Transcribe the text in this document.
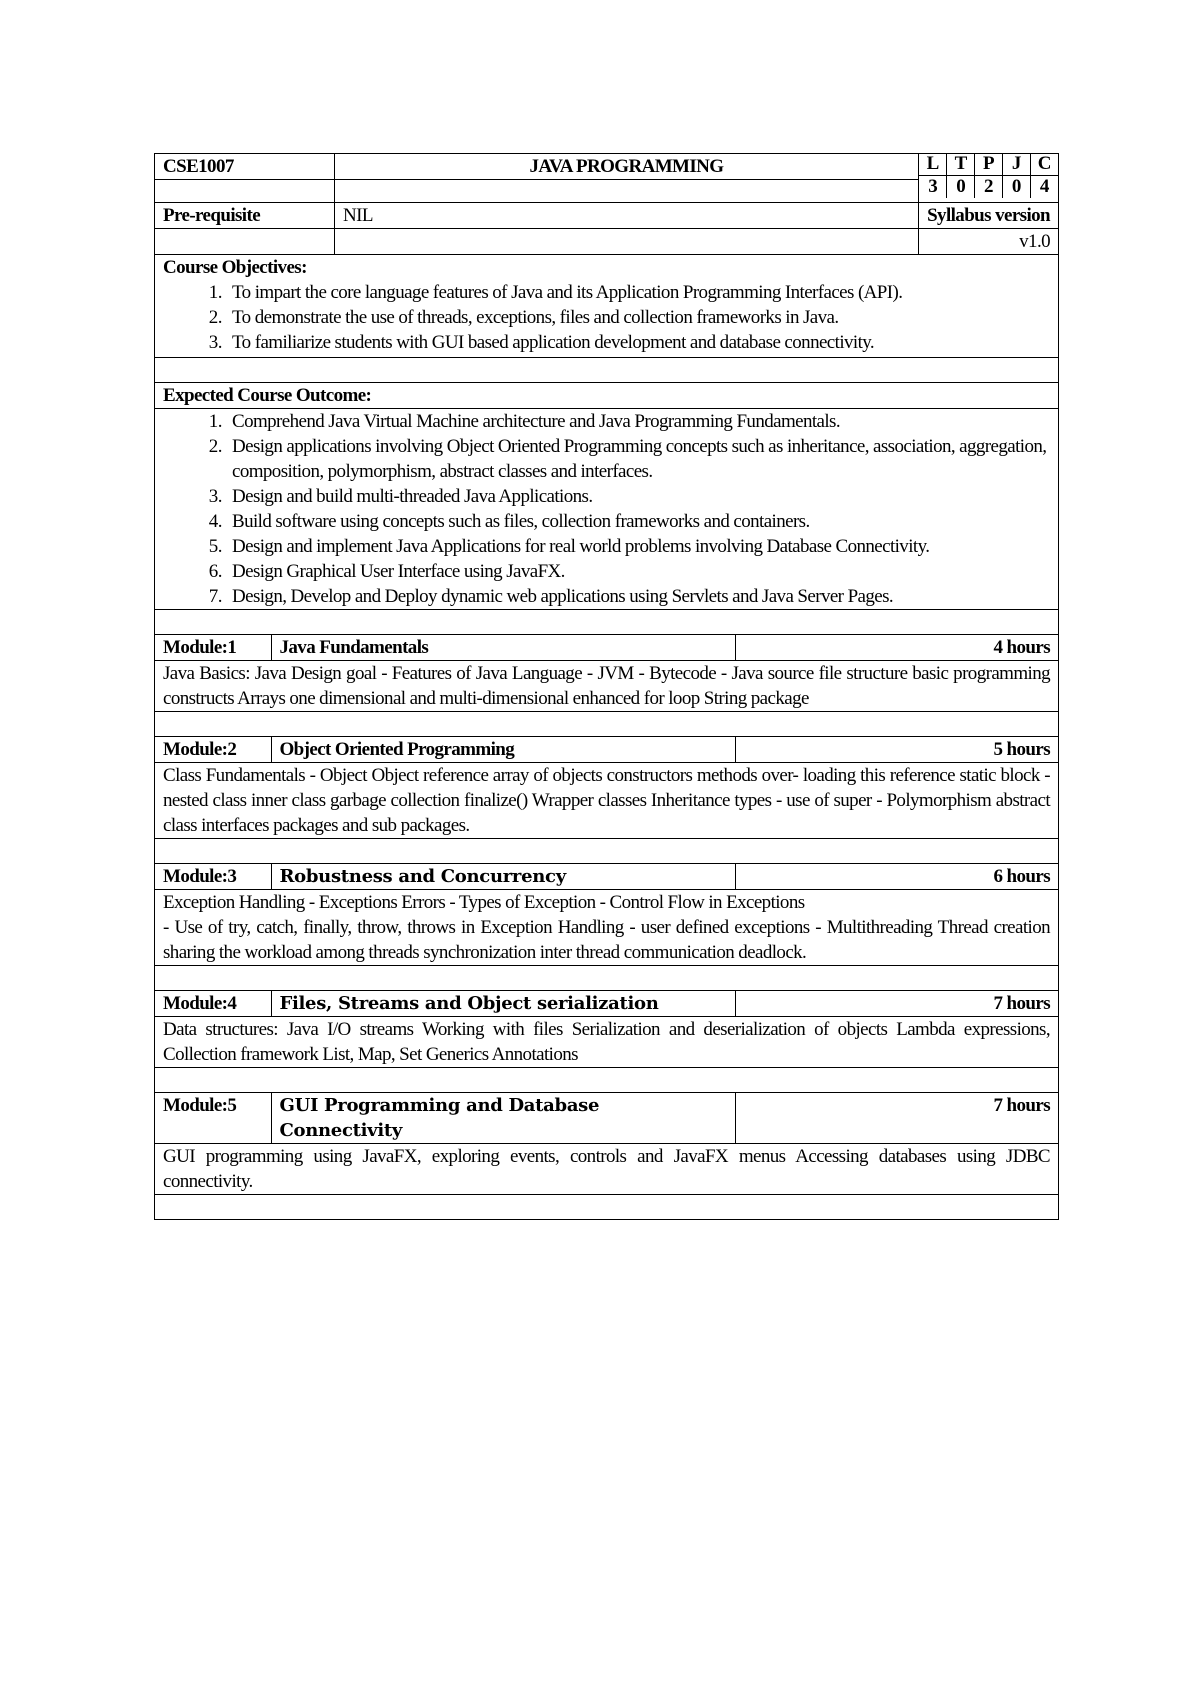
CSE1007	JAVA PROGRAMMING		L	T	P	J	C
3	0	2	0	4

Pre-requisite	NIL	Syllabus version
		v1.0

Course Objectives:
1. To impart the core language features of Java and its Application Programming Interfaces (API).
2. To demonstrate the use of threads, exceptions, files and collection frameworks in Java.
3. To familiarize students with GUI based application development and database connectivity.

Expected Course Outcome:

1. Comprehend Java Virtual Machine architecture and Java Programming Fundamentals.
2. Design applications involving Object Oriented Programming concepts such as inheritance, association, aggregation, composition, polymorphism, abstract classes and interfaces.
3. Design and build multi-threaded Java Applications.
4. Build software using concepts such as files, collection frameworks and containers.
5. Design and implement Java Applications for real world problems involving Database Connectivity.
6. Design Graphical User Interface using JavaFX.
7. Design, Develop and Deploy dynamic web applications using Servlets and Java Server Pages.

Module:1	Java Fundamentals	4 hours

Java Basics: Java Design goal - Features of Java Language - JVM - Bytecode - Java source file structure basic programming constructs Arrays one dimensional and multi-dimensional enhanced for loop String package

Module:2	Object Oriented Programming	5 hours

Class Fundamentals - Object Object reference array of objects constructors methods over- loading this reference static block - nested class inner class garbage collection finalize() Wrapper classes Inheritance types - use of super - Polymorphism abstract class interfaces packages and sub packages.

Module:3	Robustness and Concurrency	6 hours

Exception Handling - Exceptions Errors - Types of Exception - Control Flow in Exceptions
- Use of try, catch, finally, throw, throws in Exception Handling - user defined exceptions - Multithreading Thread creation sharing the workload among threads synchronization inter thread communication deadlock.

Module:4	Files, Streams and Object serialization	7 hours

Data structures: Java I/O streams Working with files Serialization and deserialization of objects Lambda expressions, Collection framework List, Map, Set Generics Annotations

Module:5	GUI Programming and Database Connectivity	7 hours

GUI programming using JavaFX, exploring events, controls and JavaFX menus Accessing databases using JDBC connectivity.
